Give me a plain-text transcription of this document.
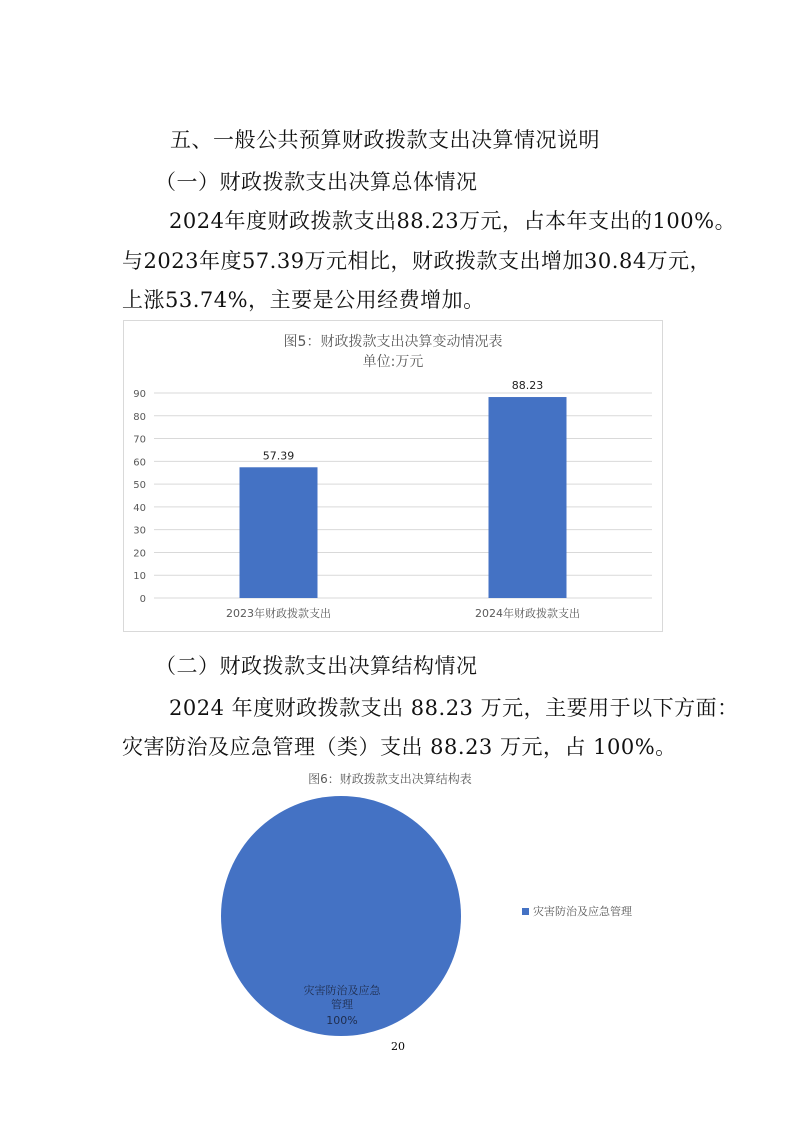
五、一般公共预算财政拨款支出决算情况说明
（一）财政拨款支出决算总体情况
2024年度财政拨款支出88.23万元，占本年支出的100%。
与2023年度57.39万元相比，财政拨款支出增加30.84万元，
上涨53.74%，主要是公用经费增加。
图5：财政拨款支出决算变动情况表
单位:万元
0
10
20
30
40
50
60
70
80
90
57.39
2023年财政拨款支出
88.23
2024年财政拨款支出
（二）财政拨款支出决算结构情况
2024 年度财政拨款支出 88.23 万元，主要用于以下方面：
灾害防治及应急管理（类）支出 88.23 万元，占 100%。
图6：财政拨款支出决算结构表
灾害防治及应急
管理
100%
灾害防治及应急管理
20
